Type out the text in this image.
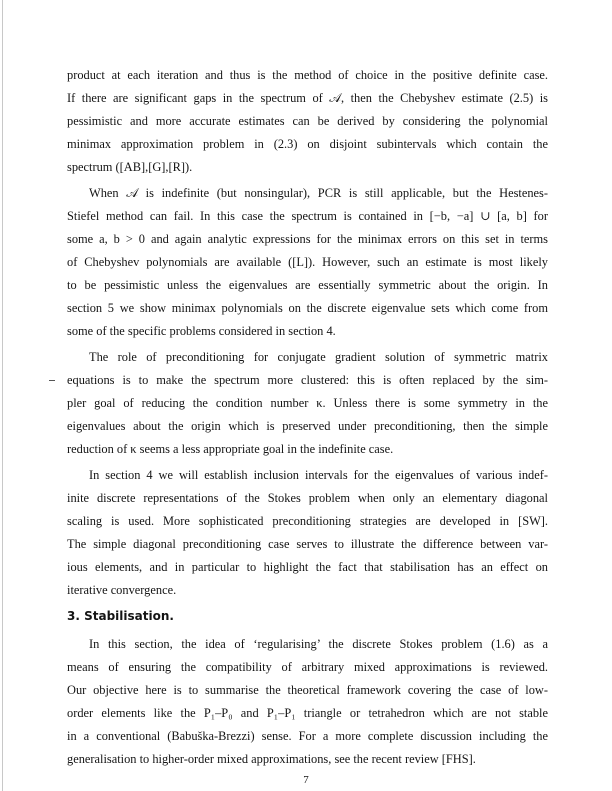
product at each iteration and thus is the method of choice in the positive definite case.
If there are significant gaps in the spectrum of 𝒜, then the Chebyshev estimate (2.5) is
pessimistic and more accurate estimates can be derived by considering the polynomial
minimax approximation problem in (2.3) on disjoint subintervals which contain the
spectrum ([AB],[G],[R]).
When 𝒜 is indefinite (but nonsingular), PCR is still applicable, but the Hestenes-
Stiefel method can fail. In this case the spectrum is contained in [−b, −a] ∪ [a, b] for
some a, b > 0 and again analytic expressions for the minimax errors on this set in terms
of Chebyshev polynomials are available ([L]). However, such an estimate is most likely
to be pessimistic unless the eigenvalues are essentially symmetric about the origin. In
section 5 we show minimax polynomials on the discrete eigenvalue sets which come from
some of the specific problems considered in section 4.
The role of preconditioning for conjugate gradient solution of symmetric matrix
equations is to make the spectrum more clustered: this is often replaced by the sim-
pler goal of reducing the condition number κ. Unless there is some symmetry in the
eigenvalues about the origin which is preserved under preconditioning, then the simple
reduction of κ seems a less appropriate goal in the indefinite case.
In section 4 we will establish inclusion intervals for the eigenvalues of various indef-
inite discrete representations of the Stokes problem when only an elementary diagonal
scaling is used. More sophisticated preconditioning strategies are developed in [SW].
The simple diagonal preconditioning case serves to illustrate the difference between var-
ious elements, and in particular to highlight the fact that stabilisation has an effect on
iterative convergence.
3. Stabilisation.
In this section, the idea of ‘regularising’ the discrete Stokes problem (1.6) as a
means of ensuring the compatibility of arbitrary mixed approximations is reviewed.
Our objective here is to summarise the theoretical framework covering the case of low-
order elements like the P₁–P₀ and P₁–P₁ triangle or tetrahedron which are not stable
in a conventional (Babuška-Brezzi) sense. For a more complete discussion including the
generalisation to higher-order mixed approximations, see the recent review [FHS].
7
